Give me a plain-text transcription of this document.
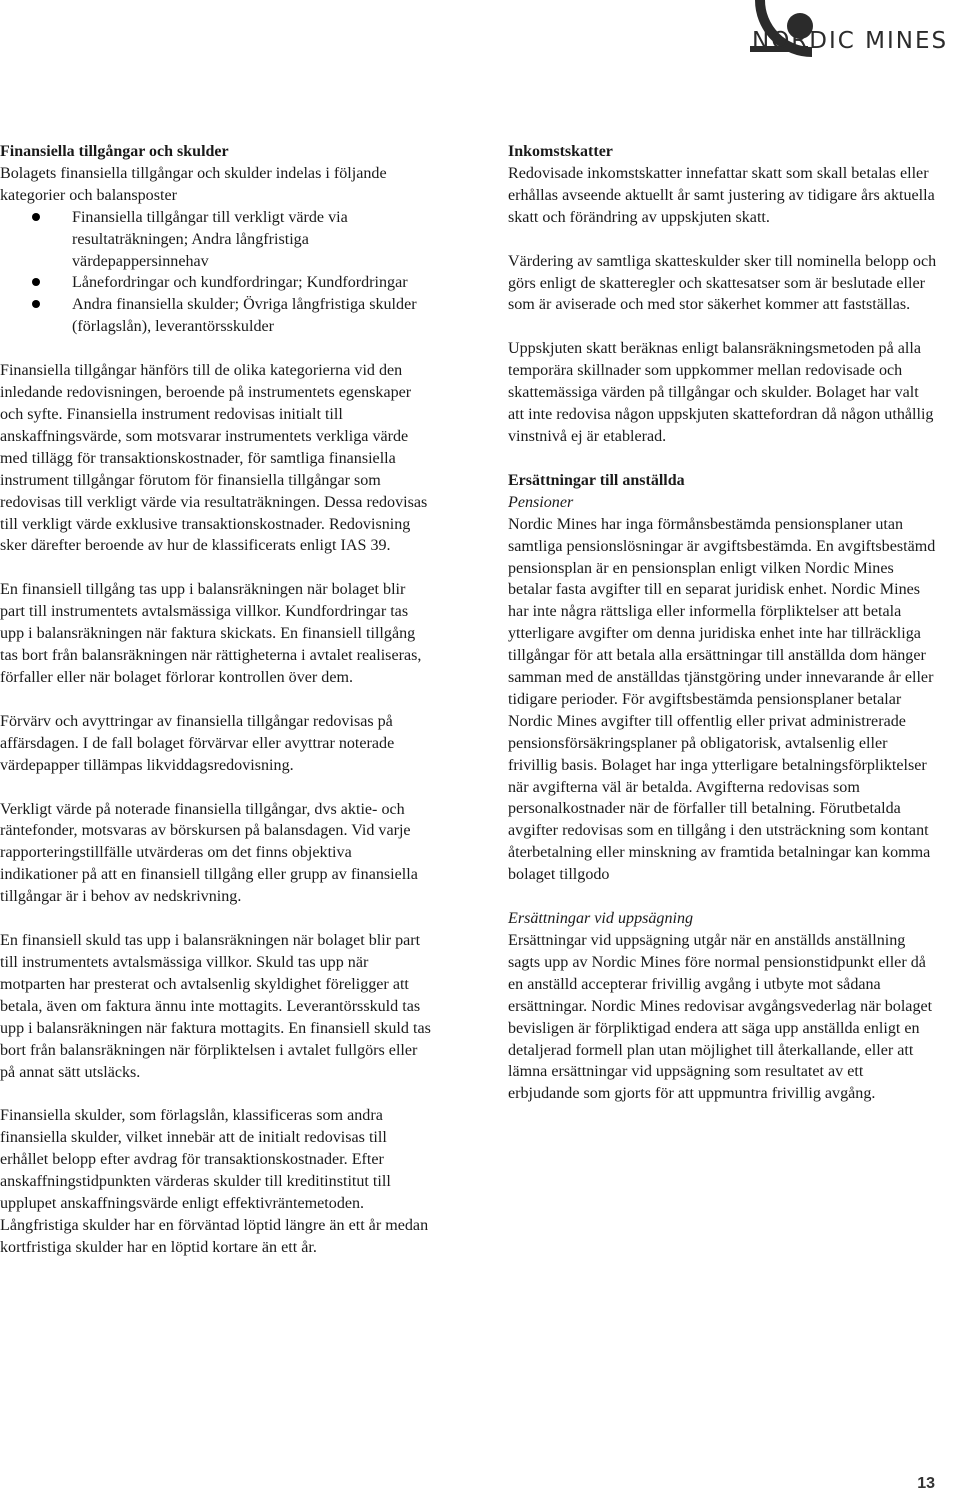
NORDIC MINES

Finansiella tillgångar och skulder

Bolagets finansiella tillgångar och skulder indelas i följande kategorier och balansposter

Finansiella tillgångar till verkligt värde via resultaträkningen; Andra långfristiga värdepappersinnehav
Lånefordringar och kundfordringar; Kundfordringar
Andra finansiella skulder; Övriga långfristiga skulder (förlagslån), leverantörsskulder

Finansiella tillgångar hänförs till de olika kategorierna vid den inledande redovisningen, beroende på instrumentets egenskaper och syfte. Finansiella instrument redovisas initialt till anskaffningsvärde, som motsvarar instrumentets verkliga värde med tillägg för transaktionskostnader, för samtliga finansiella instrument tillgångar förutom för finansiella tillgångar som redovisas till verkligt värde via resultaträkningen. Dessa redovisas till verkligt värde exklusive transaktionskostnader. Redovisning sker därefter beroende av hur de klassificerats enligt IAS 39.

En finansiell tillgång tas upp i balansräkningen när bolaget blir part till instrumentets avtalsmässiga villkor. Kundfordringar tas upp i balansräkningen när faktura skickats. En finansiell tillgång tas bort från balansräkningen när rättigheterna i avtalet realiseras, förfaller eller när bolaget förlorar kontrollen över dem.

Förvärv och avyttringar av finansiella tillgångar redovisas på affärsdagen. I de fall bolaget förvärvar eller avyttrar noterade värdepapper tillämpas likviddagsredovisning.

Verkligt värde på noterade finansiella tillgångar, dvs aktie- och räntefonder, motsvaras av börskursen på balansdagen. Vid varje rapporteringstillfälle utvärderas om det finns objektiva indikationer på att en finansiell tillgång eller grupp av finansiella tillgångar är i behov av nedskrivning.

En finansiell skuld tas upp i balansräkningen när bolaget blir part till instrumentets avtalsmässiga villkor. Skuld tas upp när motparten har presterat och avtalsenlig skyldighet föreligger att betala, även om faktura ännu inte mottagits. Leverantörsskuld tas upp i balansräkningen när faktura mottagits. En finansiell skuld tas bort från balansräkningen när förpliktelsen i avtalet fullgörs eller på annat sätt utsläcks.

Finansiella skulder, som förlagslån, klassificeras som andra finansiella skulder, vilket innebär att de initialt redovisas till erhållet belopp efter avdrag för transaktionskostnader. Efter anskaffningstidpunkten värderas skulder till kreditinstitut till upplupet anskaffningsvärde enligt effektivräntemetoden. Långfristiga skulder har en förväntad löptid längre än ett år medan kortfristiga skulder har en löptid kortare än ett år.

Inkomstskatter

Redovisade inkomstskatter innefattar skatt som skall betalas eller erhållas avseende aktuellt år samt justering av tidigare års aktuella skatt och förändring av uppskjuten skatt.

Värdering av samtliga skatteskulder sker till nominella belopp och görs enligt de skatteregler och skattesatser som är beslutade eller som är aviserade och med stor säkerhet kommer att fastställas.

Uppskjuten skatt beräknas enligt balansräkningsmetoden på alla temporära skillnader som uppkommer mellan redovisade och skattemässiga värden på tillgångar och skulder. Bolaget har valt att inte redovisa någon uppskjuten skattefordran då någon uthållig vinstnivå ej är etablerad.

Ersättningar till anställda

Pensioner

Nordic Mines har inga förmånsbestämda pensionsplaner utan samtliga pensionslösningar är avgiftsbestämda. En avgiftsbestämd pensionsplan är en pensionsplan enligt vilken Nordic Mines betalar fasta avgifter till en separat juridisk enhet. Nordic Mines har inte några rättsliga eller informella förpliktelser att betala ytterligare avgifter om denna juridiska enhet inte har tillräckliga tillgångar för att betala alla ersättningar till anställda dom hänger samman med de anställdas tjänstgöring under innevarande år eller tidigare perioder. För avgiftsbestämda pensionsplaner betalar Nordic Mines avgifter till offentlig eller privat administrerade pensionsförsäkringsplaner på obligatorisk, avtalsenlig eller frivillig basis. Bolaget har inga ytterligare betalningsförpliktelser när avgifterna väl är betalda. Avgifterna redovisas som personalkostnader när de förfaller till betalning. Förutbetalda avgifter redovisas som en tillgång i den utsträckning som kontant återbetalning eller minskning av framtida betalningar kan komma bolaget tillgodo

Ersättningar vid uppsägning

Ersättningar vid uppsägning utgår när en anställds anställning sagts upp av Nordic Mines före normal pensionstidpunkt eller då en anställd accepterar frivillig avgång i utbyte mot sådana ersättningar. Nordic Mines redovisar avgångsvederlag när bolaget bevisligen är förpliktigad endera att säga upp anställda enligt en detaljerad formell plan utan möjlighet till återkallande, eller att lämna ersättningar vid uppsägning som resultatet av ett erbjudande som gjorts för att uppmuntra frivillig avgång.

13
